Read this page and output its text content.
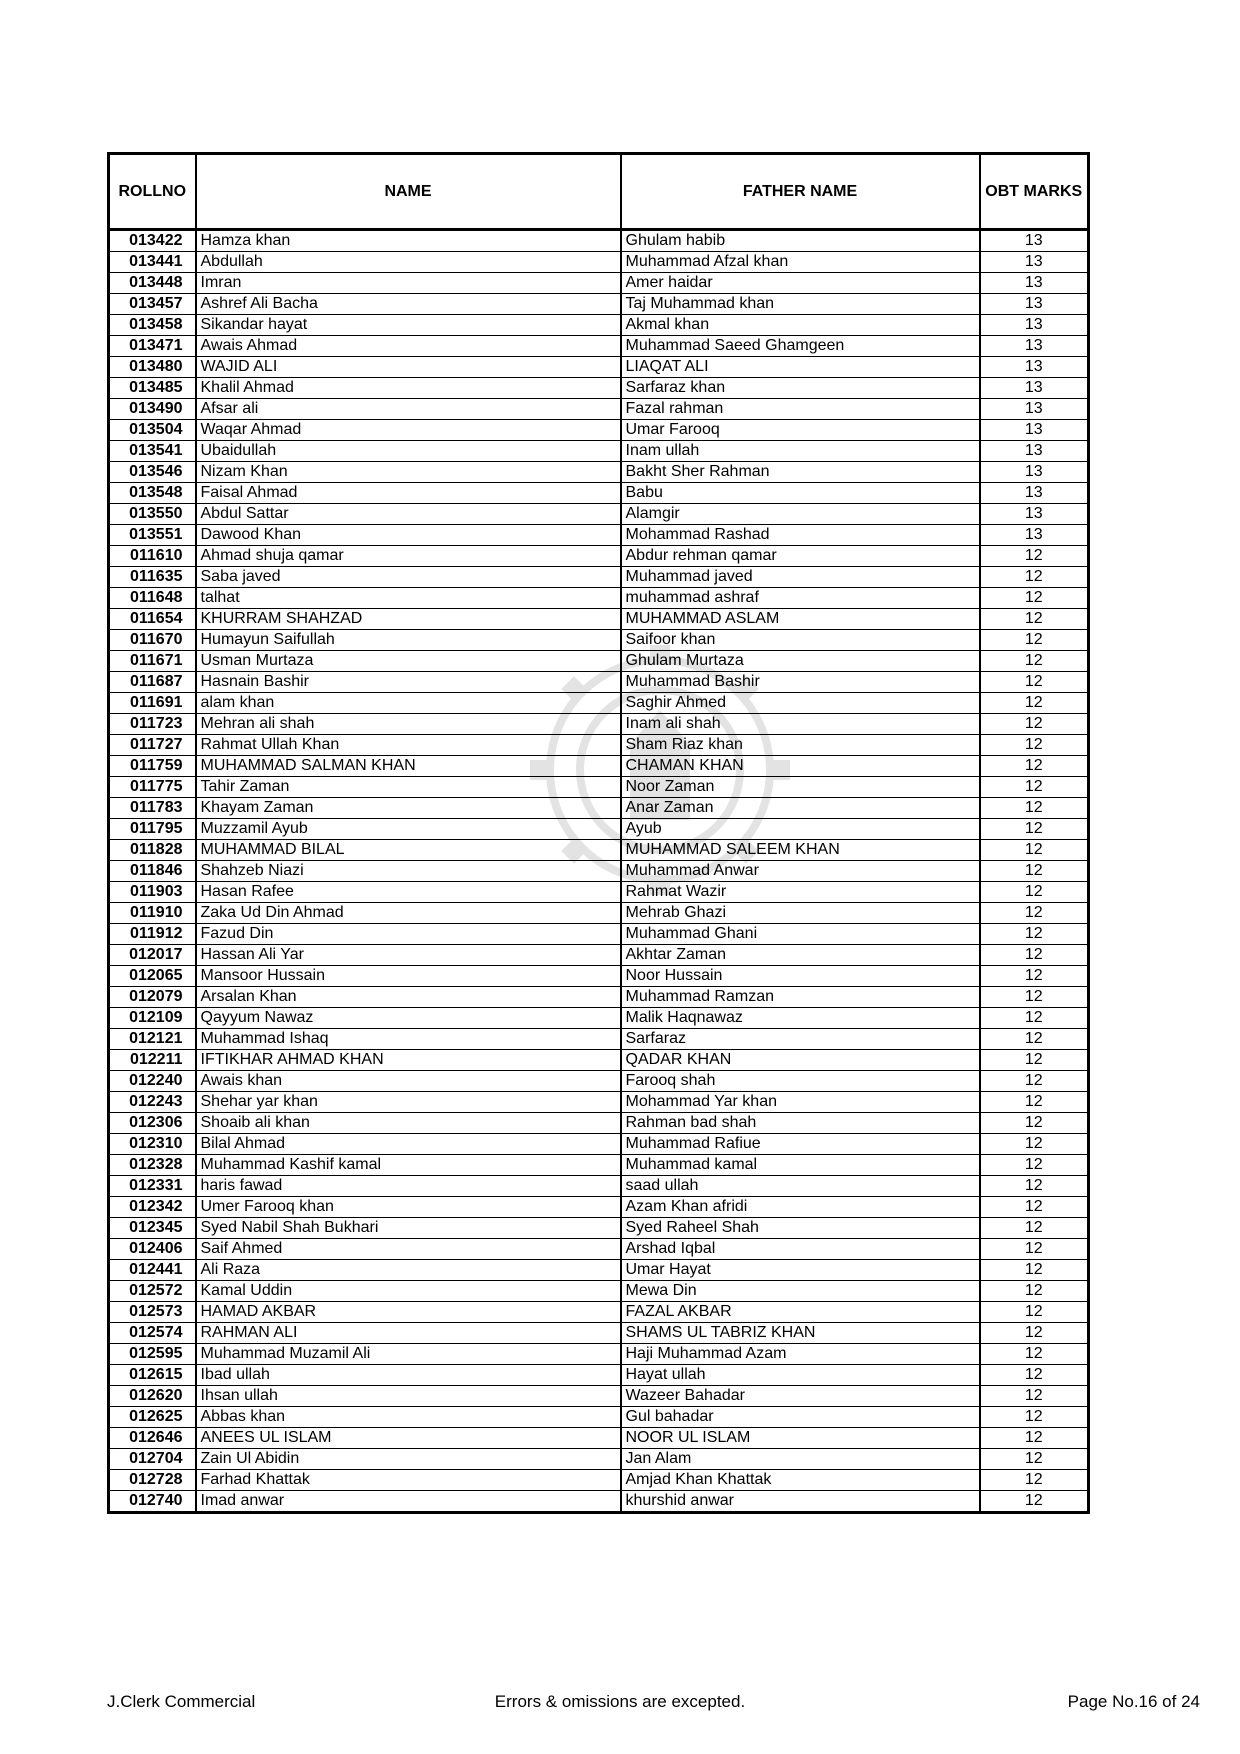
ROLLNO	NAME	FATHER NAME	OBT MARKS
013422	Hamza khan	Ghulam habib	13
013441	Abdullah	Muhammad Afzal khan	13
013448	Imran	Amer haidar	13
013457	Ashref Ali Bacha	Taj Muhammad khan	13
013458	Sikandar hayat	Akmal khan	13
013471	Awais Ahmad	Muhammad Saeed Ghamgeen	13
013480	WAJID ALI	LIAQAT ALI	13
013485	Khalil Ahmad	Sarfaraz khan	13
013490	Afsar ali	Fazal rahman	13
013504	Waqar Ahmad	Umar Farooq	13
013541	Ubaidullah	Inam ullah	13
013546	Nizam Khan	Bakht Sher Rahman	13
013548	Faisal Ahmad	Babu	13
013550	Abdul Sattar	Alamgir	13
013551	Dawood Khan	Mohammad Rashad	13
011610	Ahmad shuja qamar	Abdur rehman qamar	12
011635	Saba javed	Muhammad javed	12
011648	talhat	muhammad ashraf	12
011654	KHURRAM SHAHZAD	MUHAMMAD ASLAM	12
011670	Humayun Saifullah	Saifoor khan	12
011671	Usman Murtaza	Ghulam Murtaza	12
011687	Hasnain Bashir	Muhammad Bashir	12
011691	alam khan	Saghir Ahmed	12
011723	Mehran ali shah	Inam ali shah	12
011727	Rahmat Ullah Khan	Sham Riaz khan	12
011759	MUHAMMAD SALMAN KHAN	CHAMAN KHAN	12
011775	Tahir Zaman	Noor Zaman	12
011783	Khayam Zaman	Anar Zaman	12
011795	Muzzamil Ayub	Ayub	12
011828	MUHAMMAD BILAL	MUHAMMAD SALEEM KHAN	12
011846	Shahzeb Niazi	Muhammad Anwar	12
011903	Hasan Rafee	Rahmat Wazir	12
011910	Zaka Ud Din Ahmad	Mehrab Ghazi	12
011912	Fazud Din	Muhammad Ghani	12
012017	Hassan Ali Yar	Akhtar Zaman	12
012065	Mansoor Hussain	Noor Hussain	12
012079	Arsalan Khan	Muhammad Ramzan	12
012109	Qayyum Nawaz	Malik Haqnawaz	12
012121	Muhammad Ishaq	Sarfaraz	12
012211	IFTIKHAR AHMAD KHAN	QADAR KHAN	12
012240	Awais khan	Farooq shah	12
012243	Shehar yar khan	Mohammad Yar khan	12
012306	Shoaib ali khan	Rahman bad shah	12
012310	Bilal Ahmad	Muhammad Rafiue	12
012328	Muhammad Kashif kamal	Muhammad kamal	12
012331	haris fawad	saad ullah	12
012342	Umer Farooq khan	Azam Khan afridi	12
012345	Syed Nabil Shah Bukhari	Syed Raheel Shah	12
012406	Saif Ahmed	Arshad Iqbal	12
012441	Ali Raza	Umar Hayat	12
012572	Kamal Uddin	Mewa Din	12
012573	HAMAD AKBAR	FAZAL AKBAR	12
012574	RAHMAN ALI	SHAMS UL TABRIZ KHAN	12
012595	Muhammad Muzamil Ali	Haji Muhammad Azam	12
012615	Ibad ullah	Hayat ullah	12
012620	Ihsan ullah	Wazeer Bahadar	12
012625	Abbas khan	Gul bahadar	12
012646	ANEES UL ISLAM	NOOR UL ISLAM	12
012704	Zain Ul Abidin	Jan Alam	12
012728	Farhad Khattak	Amjad Khan Khattak	12
012740	Imad anwar	khurshid anwar	12
J.Clerk Commercial	Errors & omissions are excepted.	Page No.16 of 24
